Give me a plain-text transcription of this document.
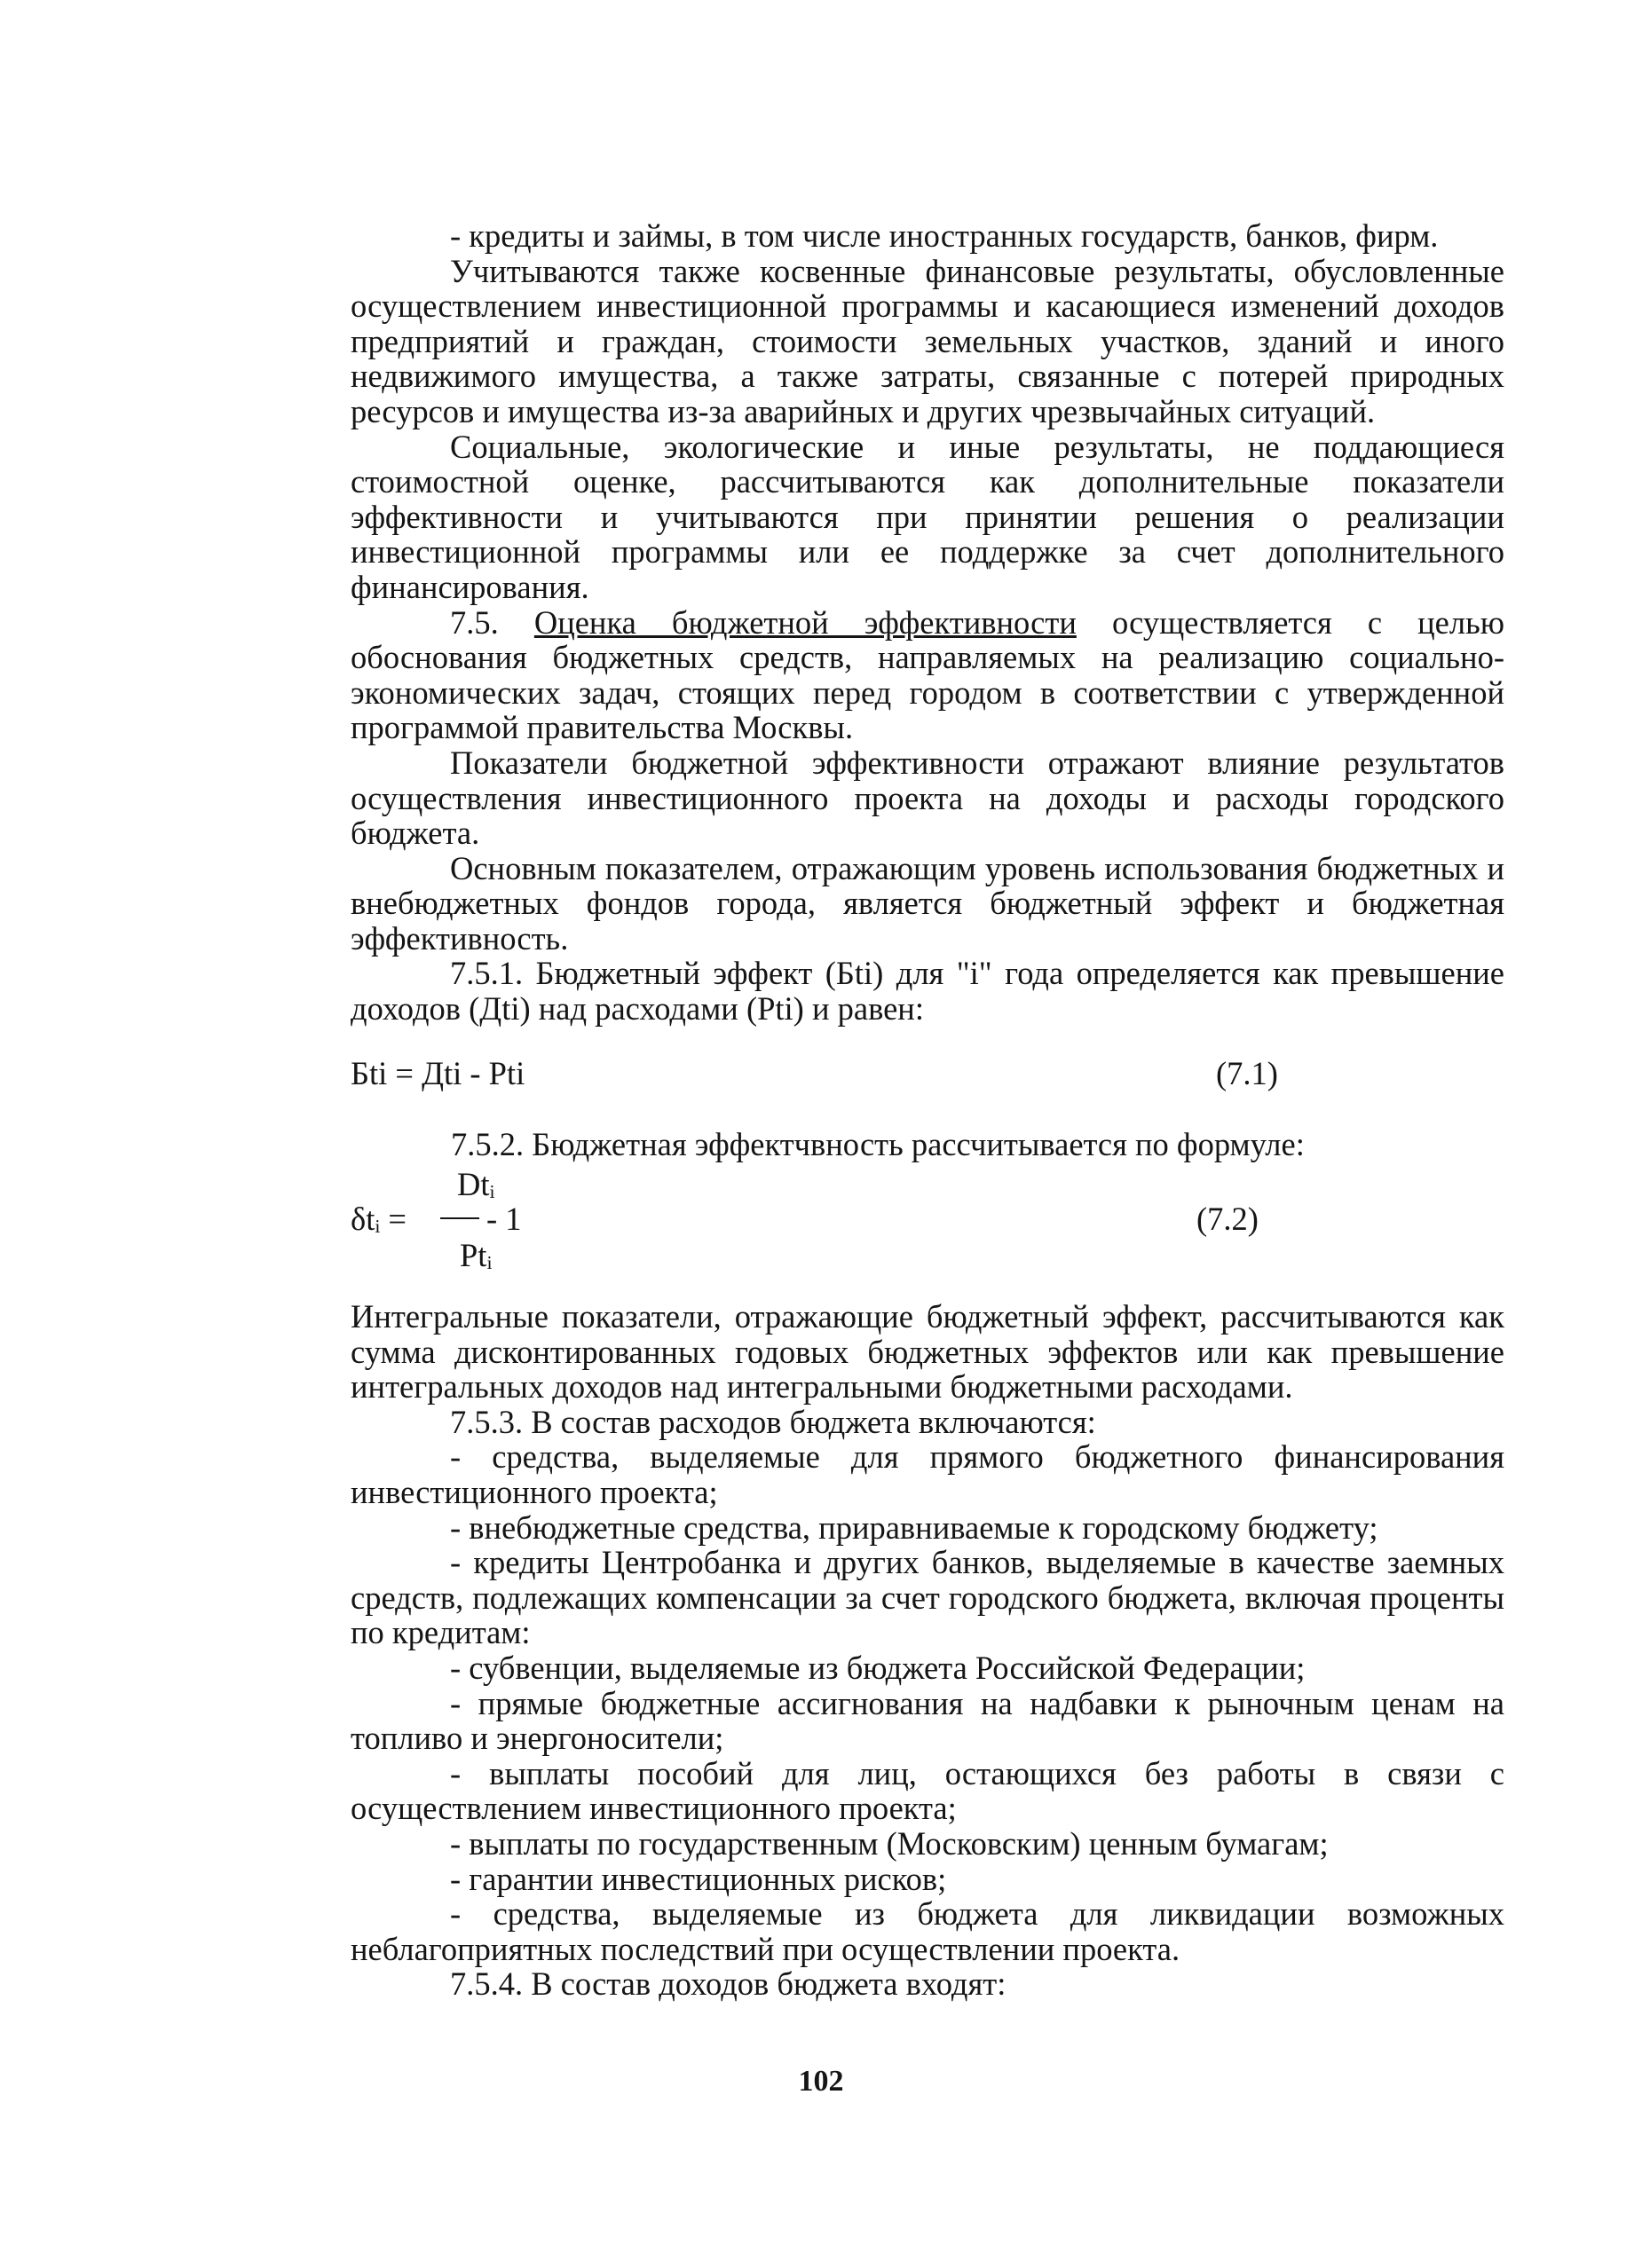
- кредиты и займы, в том числе иностранных государств, банков, фирм.

Учитываются также косвенные финансовые результаты, обусловленные осуществлением инвестиционной программы и касающиеся изменений доходов предприятий и граждан, стоимости земельных участков, зданий и иного недвижимого имущества, а также затраты, связанные с потерей природных ресурсов и имущества из-за аварийных и других чрезвычайных ситуаций.

Социальные, экологические и иные результаты, не поддающиеся стоимостной оценке, рассчитываются как дополнительные показатели эффективности и учитываются при принятии решения о реализации инвестиционной программы или ее поддержке за счет дополнительного финансирования.

7.5. Оценка бюджетной эффективности осуществляется с целью обоснования бюджетных средств, направляемых на реализацию социально-экономических задач, стоящих перед городом в соответствии с утвержденной программой правительства Москвы.

Показатели бюджетной эффективности отражают влияние результатов осуществления инвестиционного проекта на доходы и расходы городского бюджета.

Основным показателем, отражающим уровень использования бюджетных и внебюджетных фондов города, является бюджетный эффект и бюджетная эффективность.

7.5.1. Бюджетный эффект (Бti) для "i" года определяется как превышение доходов (Дti) над расходами (Рti) и равен:

Бti = Дti - Pti	(7.1)
7.5.2. Бюджетная эффектчвность рассчитывается по формуле:
Dtᵢ
δtᵢ = - 1
Ptᵢ
(7.2)

Интегральные показатели, отражающие бюджетный эффект, рассчитываются как сумма дисконтированных годовых бюджетных эффектов или как превышение интегральных доходов над интегральными бюджетными расходами.

7.5.3. В состав расходов бюджета включаются:

- средства, выделяемые для прямого бюджетного финансирования инвестиционного проекта;

- внебюджетные средства, приравниваемые к городскому бюджету;

- кредиты Центробанка и других банков, выделяемые в качестве заемных средств, подлежащих компенсации за счет городского бюджета, включая проценты по кредитам:

- субвенции, выделяемые из бюджета Российской Федерации;

- прямые бюджетные ассигнования на надбавки к рыночным ценам на топливо и энергоносители;

- выплаты пособий для лиц, остающихся без работы в связи с осуществлением инвестиционного проекта;

- выплаты по государственным (Московским) ценным бумагам;

- гарантии инвестиционных рисков;

- средства, выделяемые из бюджета для ликвидации возможных неблагоприятных последствий при осуществлении проекта.

7.5.4. В состав доходов бюджета входят:

102
